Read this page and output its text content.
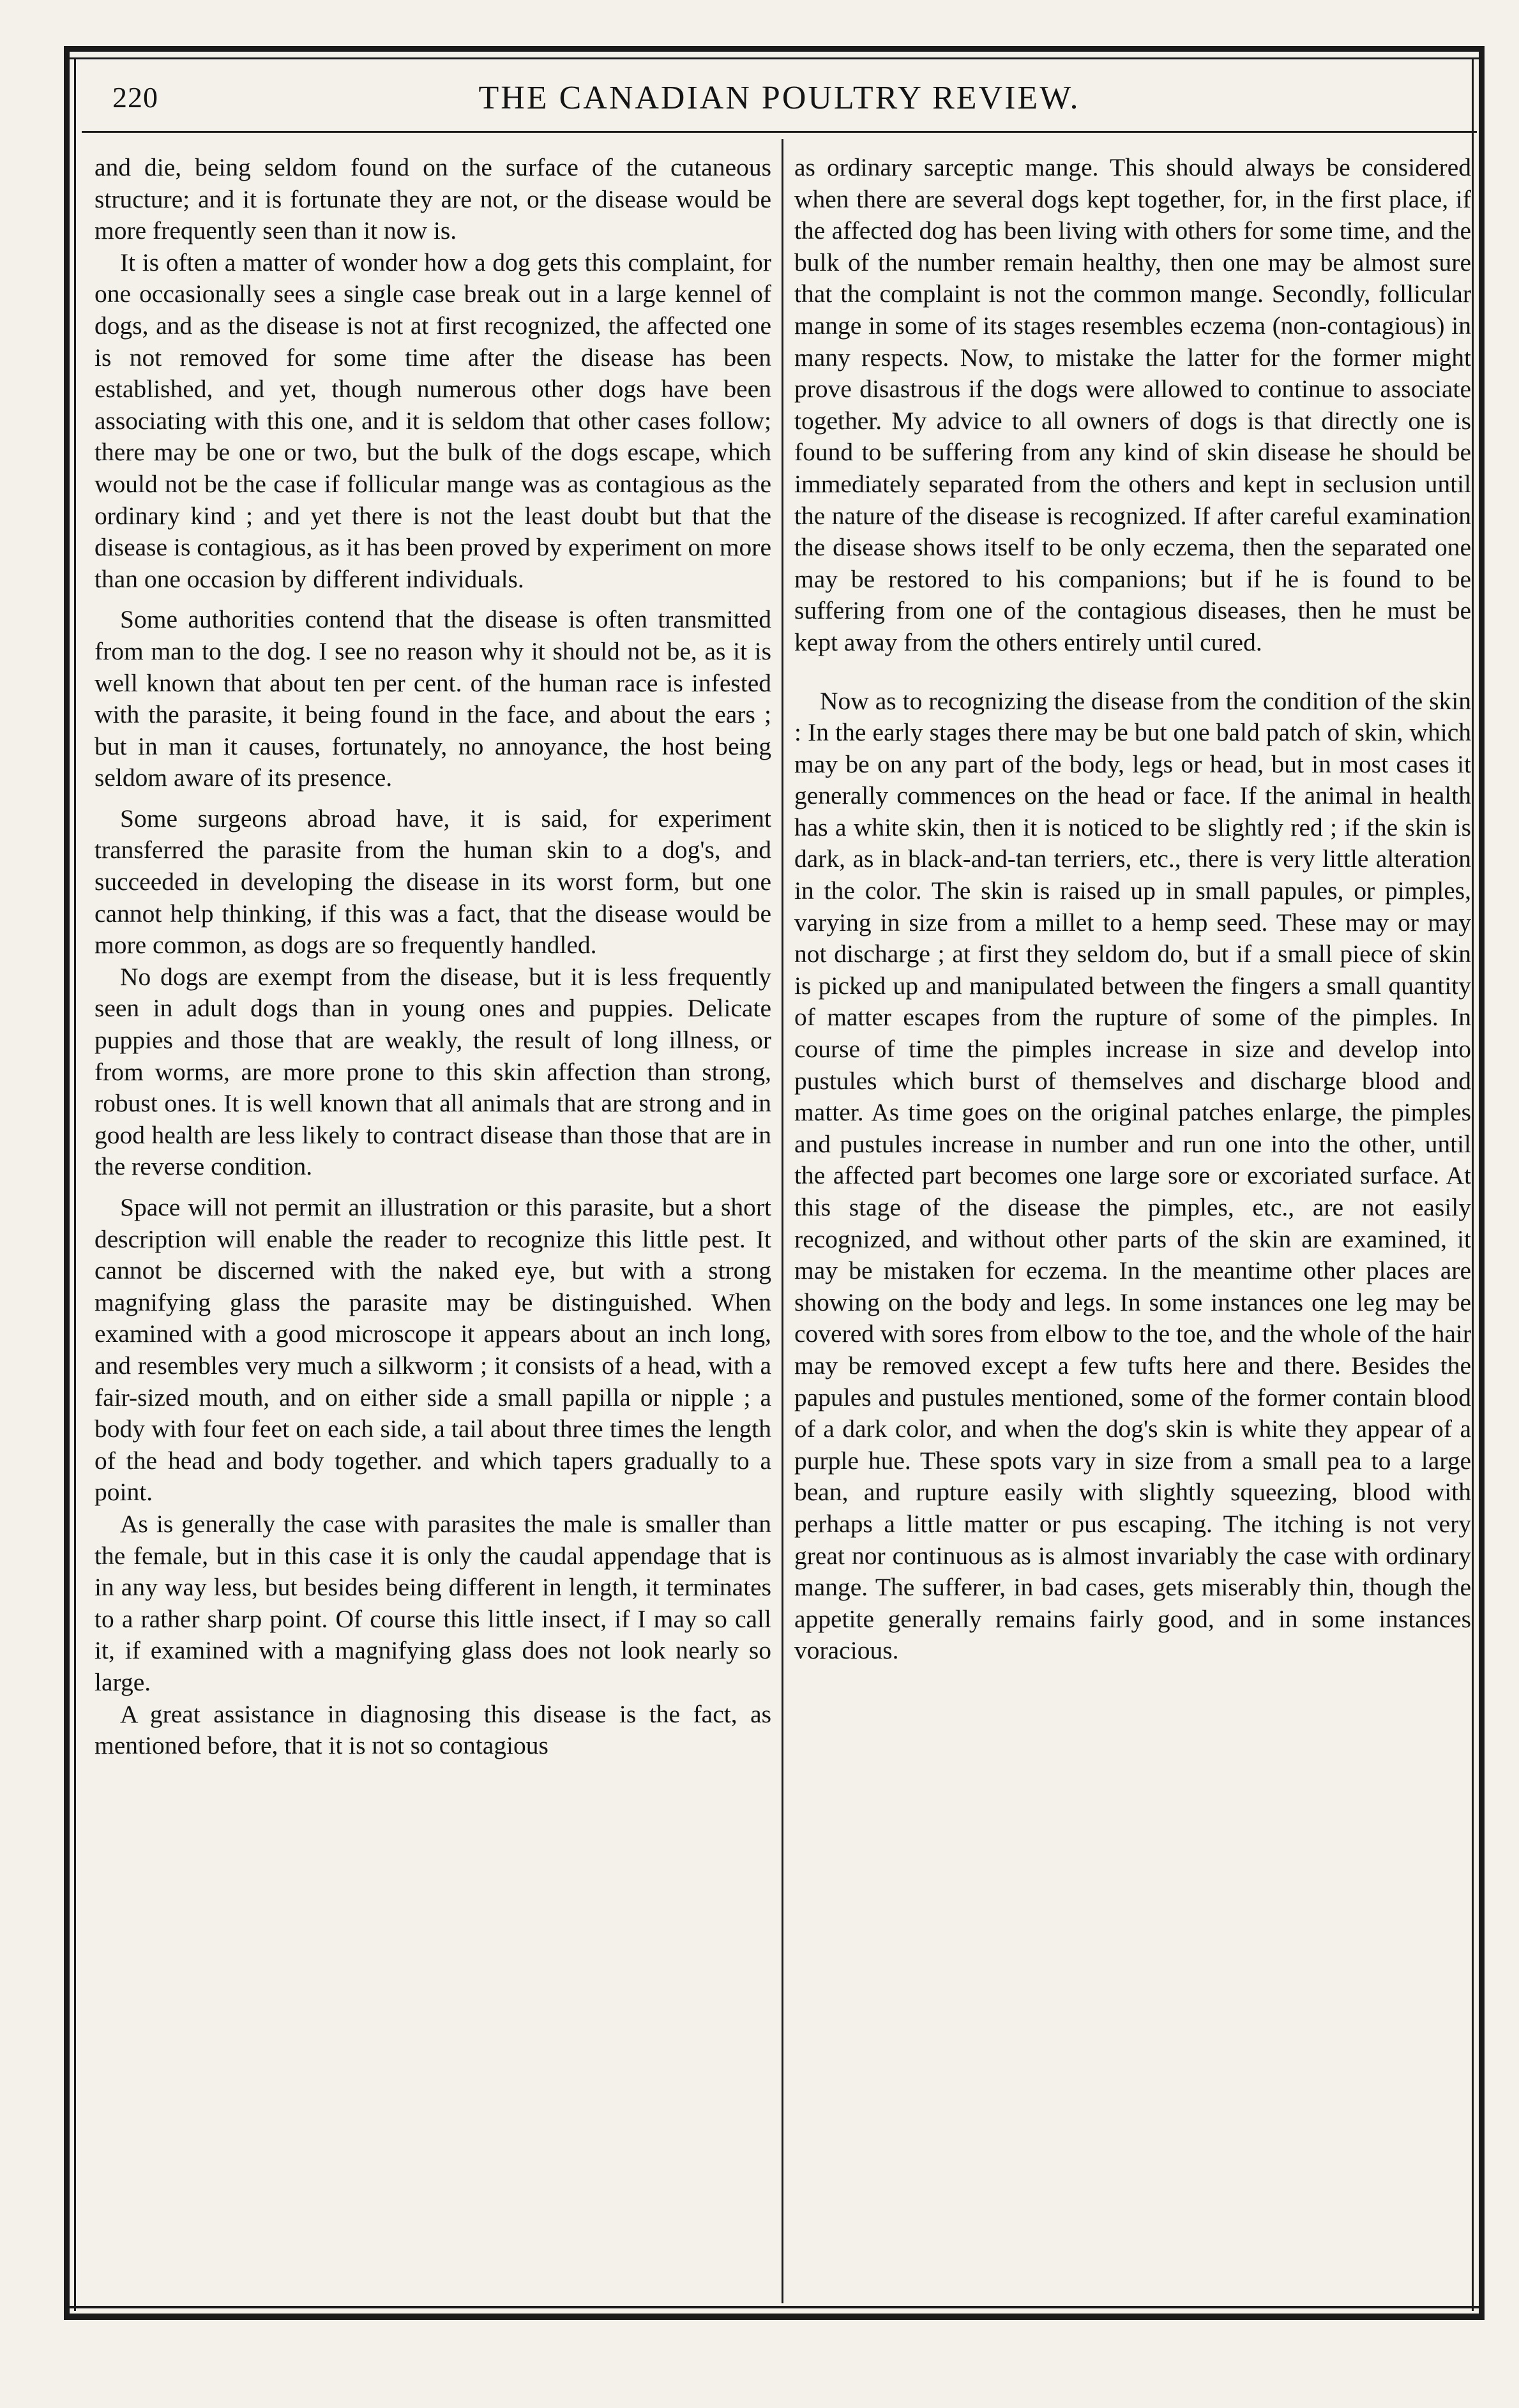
220	THE CANADIAN POULTRY REVIEW.

and die, being seldom found on the surface of the cutaneous structure; and it is fortunate they are not, or the disease would be more frequently seen than it now is.

It is often a matter of wonder how a dog gets this complaint, for one occasionally sees a single case break out in a large kennel of dogs, and as the disease is not at first recognized, the affected one is not removed for some time after the disease has been established, and yet, though numerous other dogs have been associating with this one, and it is seldom that other cases follow; there may be one or two, but the bulk of the dogs escape, which would not be the case if follicular mange was as contagious as the ordinary kind ; and yet there is not the least doubt but that the disease is contagious, as it has been proved by experiment on more than one occasion by different individuals.

Some authorities contend that the disease is often transmitted from man to the dog. I see no reason why it should not be, as it is well known that about ten per cent. of the human race is infested with the parasite, it being found in the face, and about the ears ; but in man it causes, fortunately, no annoyance, the host being seldom aware of its presence.

Some surgeons abroad have, it is said, for experiment transferred the parasite from the human skin to a dog's, and succeeded in developing the disease in its worst form, but one cannot help thinking, if this was a fact, that the disease would be more common, as dogs are so frequently handled.

No dogs are exempt from the disease, but it is less frequently seen in adult dogs than in young ones and puppies. Delicate puppies and those that are weakly, the result of long illness, or from worms, are more prone to this skin affection than strong, robust ones. It is well known that all animals that are strong and in good health are less likely to contract disease than those that are in the reverse condition.

Space will not permit an illustration or this parasite, but a short description will enable the reader to recognize this little pest. It cannot be discerned with the naked eye, but with a strong magnifying glass the parasite may be distinguished. When examined with a good microscope it appears about an inch long, and resembles very much a silkworm ; it consists of a head, with a fair-sized mouth, and on either side a small papilla or nipple ; a body with four feet on each side, a tail about three times the length of the head and body together. and which tapers gradually to a point.

As is generally the case with parasites the male is smaller than the female, but in this case it is only the caudal appendage that is in any way less, but besides being different in length, it terminates to a rather sharp point. Of course this little insect, if I may so call it, if examined with a magnifying glass does not look nearly so large.

A great assistance in diagnosing this disease is the fact, as mentioned before, that it is not so contagious

as ordinary sarceptic mange. This should always be considered when there are several dogs kept together, for, in the first place, if the affected dog has been living with others for some time, and the bulk of the number remain healthy, then one may be almost sure that the complaint is not the common mange. Secondly, follicular mange in some of its stages resembles eczema (non-contagious) in many respects. Now, to mistake the latter for the former might prove disastrous if the dogs were allowed to continue to associate together. My advice to all owners of dogs is that directly one is found to be suffering from any kind of skin disease he should be immediately separated from the others and kept in seclusion until the nature of the disease is recognized. If after careful examination the disease shows itself to be only eczema, then the separated one may be restored to his companions; but if he is found to be suffering from one of the contagious diseases, then he must be kept away from the others entirely until cured.

Now as to recognizing the disease from the condition of the skin : In the early stages there may be but one bald patch of skin, which may be on any part of the body, legs or head, but in most cases it generally commences on the head or face. If the animal in health has a white skin, then it is noticed to be slightly red ; if the skin is dark, as in black-and-tan terriers, etc., there is very little alteration in the color. The skin is raised up in small papules, or pimples, varying in size from a millet to a hemp seed. These may or may not discharge ; at first they seldom do, but if a small piece of skin is picked up and manipulated between the fingers a small quantity of matter escapes from the rupture of some of the pimples. In course of time the pimples increase in size and develop into pustules which burst of themselves and discharge blood and matter. As time goes on the original patches enlarge, the pimples and pustules increase in number and run one into the other, until the affected part becomes one large sore or excoriated surface. At this stage of the disease the pimples, etc., are not easily recognized, and without other parts of the skin are examined, it may be mistaken for eczema. In the meantime other places are showing on the body and legs. In some instances one leg may be covered with sores from elbow to the toe, and the whole of the hair may be removed except a few tufts here and there. Besides the papules and pustules mentioned, some of the former contain blood of a dark color, and when the dog's skin is white they appear of a purple hue. These spots vary in size from a small pea to a large bean, and rupture easily with slightly squeezing, blood with perhaps a little matter or pus escaping. The itching is not very great nor continuous as is almost invariably the case with ordinary mange. The sufferer, in bad cases, gets miserably thin, though the appetite generally remains fairly good, and in some instances voracious.
